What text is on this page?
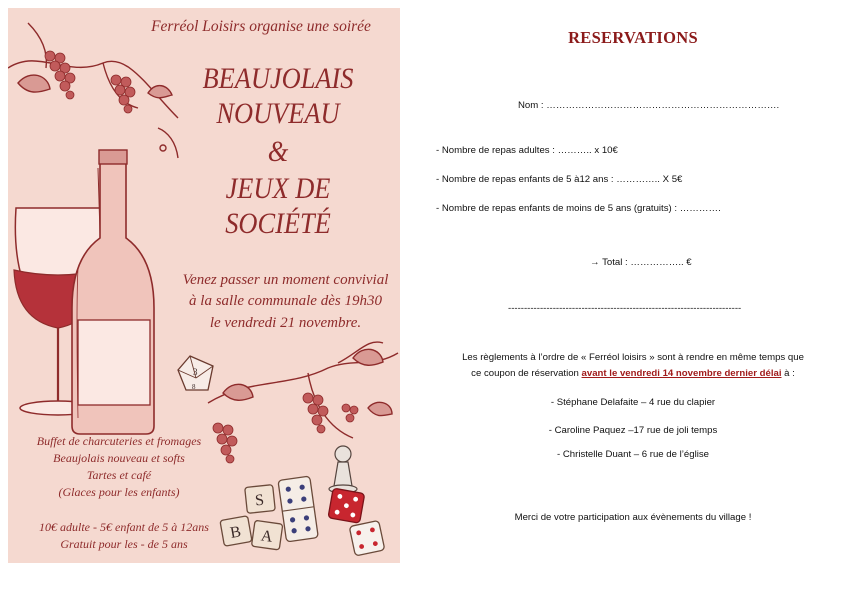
3
8
S
B A

Ferréol Loisirs organise une soirée

BEAUJOLAIS

NOUVEAU

&

JEUX DE

SOCIÉTÉ

Venez passer un moment convivial

à la salle communale dès 19h30

le vendredi 21 novembre.

Buffet de charcuteries et fromages

Beaujolais nouveau et softs

Tartes et café

(Glaces pour les enfants)

10€ adulte - 5€ enfant de 5 à 12ans

Gratuit pour les - de 5 ans

RESERVATIONS

Nom : ……………………………………………………………….

- Nombre de repas adultes : ……….. x 10€

- Nombre de repas enfants de 5 à12 ans : ………….. X 5€

- Nombre de repas enfants de moins de 5 ans (gratuits) : ………….

→ Total : …………….. €

-------------------------------------------------------------------------

Les règlements à l’ordre de « Ferréol loisirs » sont à rendre en même temps que

ce coupon de réservation avant le vendredi 14 novembre dernier délai à :

- Stéphane Delafaite – 4 rue du clapier

- Caroline Paquez –17 rue de joli temps

- Christelle Duant – 6 rue de l’église

Merci de votre participation aux évènements du village !
